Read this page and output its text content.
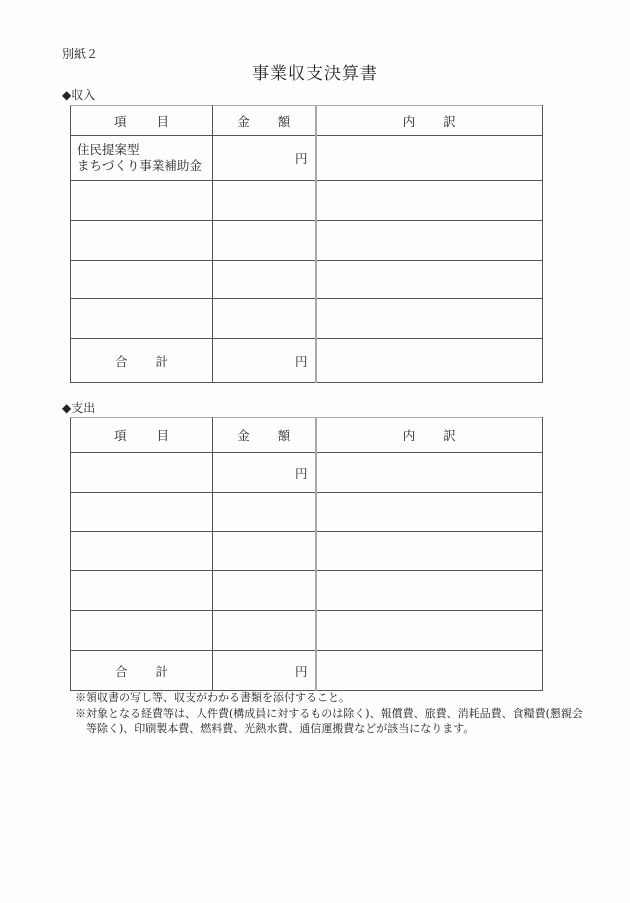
別紙２
事業収支決算書
◆収入
項 目	金 額	内 訳

住民提案型
まちづくり事業補助金	円	

合 計	円	
◆支出
項 目	金 額	内 訳
	円	

合 計	円	
※領収書の写し等、収支がわかる書類を添付すること。
※対象となる経費等は、人件費(構成員に対するものは除く)、報償費、旅費、消耗品費、食糧費(懇親会
等除く)、印刷製本費、燃料費、光熱水費、通信運搬費などが該当になります。
